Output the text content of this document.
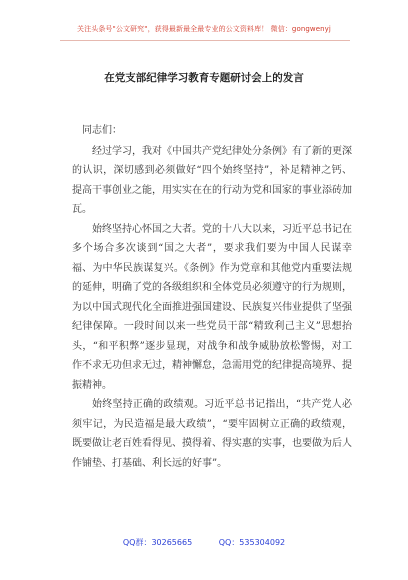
关注头条号"公文研究"，获得最新最全最专业的公文资料库！ 微信：gongwenyj
在党支部纪律学习教育专题研讨会上的发言

同志们：

经过学习，我对《中国共产党纪律处分条例》有了新的更深的认识，深切感到必须做好“四个始终坚持”，补足精神之钙、提高干事创业之能，用实实在在的行动为党和国家的事业添砖加瓦。

始终坚持心怀国之大者。党的十八大以来，习近平总书记在多个场合多次谈到“国之大者”，要求我们要为中国人民谋幸福、为中华民族谋复兴。《条例》作为党章和其他党内重要法规的延伸，明确了党的各级组织和全体党员必须遵守的行为规则，为以中国式现代化全面推进强国建设、民族复兴伟业提供了坚强纪律保障。一段时间以来一些党员干部“精致利己主义”思想抬头，“和平积弊”逐步显现，对战争和战争威胁放松警惕，对工作不求无功但求无过，精神懈怠，急需用党的纪律提高境界、提振精神。

始终坚持正确的政绩观。习近平总书记指出，“共产党人必须牢记，为民造福是最大政绩”，“要牢固树立正确的政绩观，既要做让老百姓看得见、摸得着、得实惠的实事，也要做为后人作铺垫、打基础、利长远的好事”。

QQ群：30265665	QQ：535304092
